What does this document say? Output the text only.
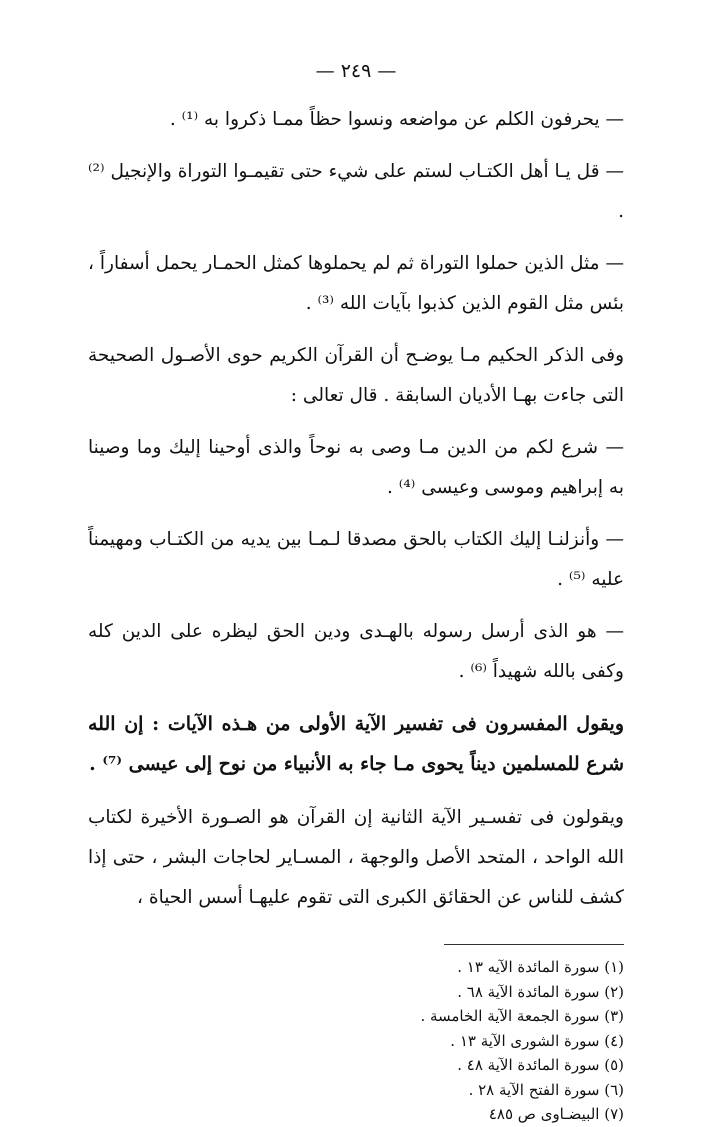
— ٢٤٩ —

— يحرفون الكلم عن مواضعه ونسوا حظاً ممـا ذكروا به ⁽¹⁾ .

— قل يـا أهل الكتـاب لستم على شيء حتى تقيمـوا التوراة والإنجيل ⁽²⁾ .

— مثل الذين حملوا التوراة ثم لم يحملوها كمثل الحمـار يحمل أسفاراً ، بئس مثل القوم الذين كذبوا بآيات الله ⁽³⁾ .

وفى الذكر الحكيم مـا يوضـح أن القرآن الكريم حوى الأصـول الصحيحة التى جاءت بهـا الأديان السابقة . قال تعالى :

— شرع لكم من الدين مـا وصى به نوحاً والذى أوحينا إليك وما وصينا به إبراهيم وموسى وعيسى ⁽⁴⁾ .

— وأنزلنـا إليك الكتاب بالحق مصدقا لـمـا بين يديه من الكتـاب ومهيمناً عليه ⁽⁵⁾ .

— هو الذى أرسل رسوله بالهـدى ودين الحق ليظره على الدين كله وكفى بالله شهيداً ⁽⁶⁾ .

ويقول المفسرون فى تفسير الآية الأولى من هـذه الآيات : إن الله شرع للمسلمين ديناً يحوى مـا جاء به الأنبياء من نوح إلى عيسى ⁽⁷⁾ .

ويقولون فى تفسـير الآية الثانية إن القرآن هو الصـورة الأخيرة لكتاب الله الواحد ، المتحد الأصل والوجهة ، المسـاير لحاجات البشر ، حتى إذا كشف للناس عن الحقائق الكبرى التى تقوم عليهـا أسس الحياة ،

(١) سورة المائدة الآيه ١٣ .
(٢) سورة المائدة الآية ٦٨ .
(٣) سورة الجمعة الآية الخامسة .
(٤) سورة الشورى الآية ١٣ .
(٥) سورة المائدة الآية ٤٨ .
(٦) سورة الفتح الآية ٢٨ .
(٧) البيضـاوى ص ٤٨٥
